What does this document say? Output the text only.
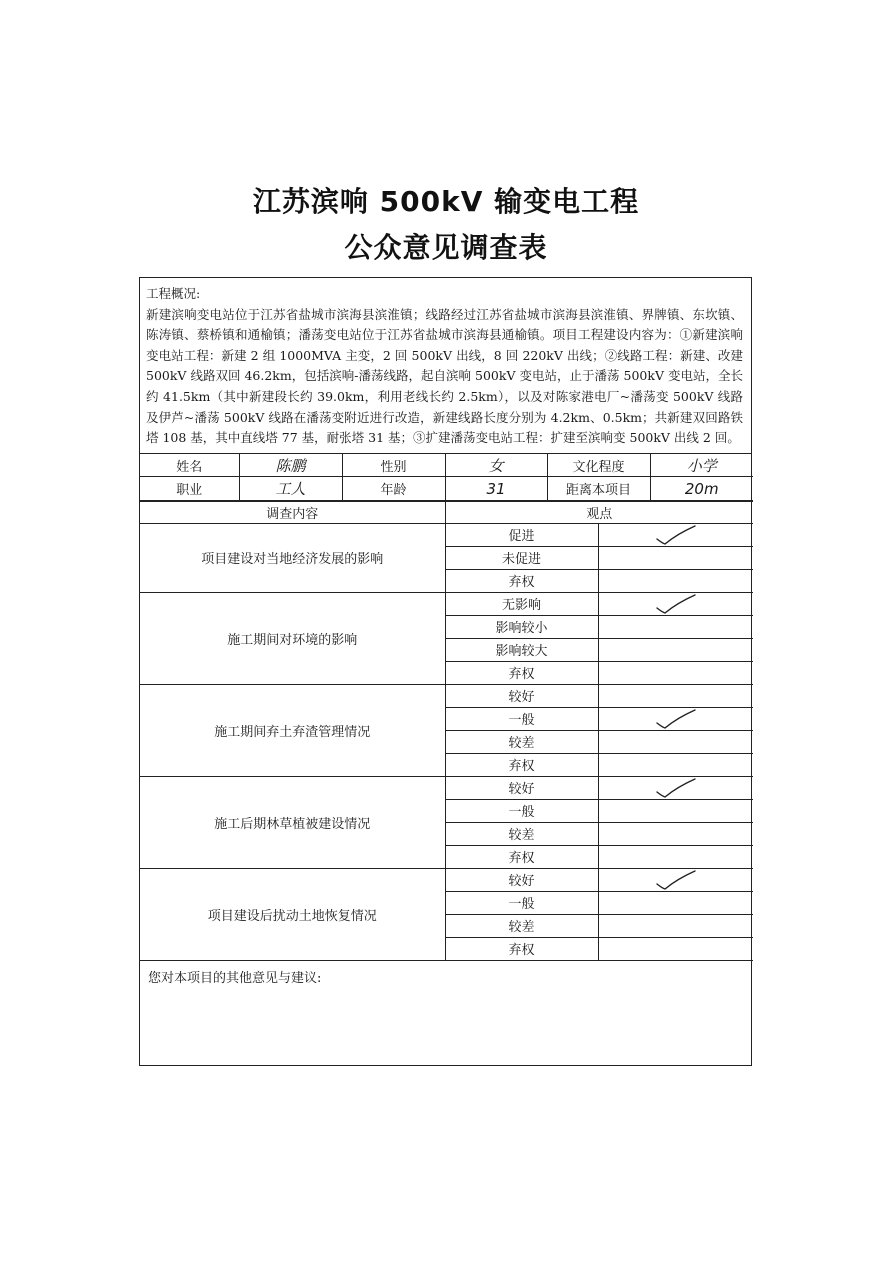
江苏滨响 500kV 输变电工程
公众意见调查表
工程概况:
新建滨响变电站位于江苏省盐城市滨海县滨淮镇；线路经过江苏省盐城市滨海县滨淮镇、界牌镇、东坎镇、陈涛镇、蔡桥镇和通榆镇；潘荡变电站位于江苏省盐城市滨海县通榆镇。项目工程建设内容为：①新建滨响变电站工程：新建 2 组 1000MVA 主变，2 回 500kV 出线，8 回 220kV 出线；②线路工程：新建、改建 500kV 线路双回 46.2km，包括滨响-潘荡线路，起自滨响 500kV 变电站，止于潘荡 500kV 变电站，全长约 41.5km（其中新建段长约 39.0km，利用老线长约 2.5km），以及对陈家港电厂~潘荡变 500kV 线路及伊芦~潘荡 500kV 线路在潘荡变附近进行改造，新建线路长度分别为 4.2km、0.5km；共新建双回路铁塔 108 基，其中直线塔 77 基，耐张塔 31 基；③扩建潘荡变电站工程：扩建至滨响变 500kV 出线 2 回。
姓名	陈鹏	性别	女	文化程度	小学
职业	工人	年龄	31	距离本项目	20m
调查内容	观点	
项目建设对当地经济发展的影响	促进	

	未促进	
	弃权	
施工期间对环境的影响	无影响	

	影响较小	
	影响较大	
	弃权	
施工期间弃土弃渣管理情况	较好	
	一般	

	较差	
	弃权	
施工后期林草植被建设情况	较好	

	一般	
	较差	
	弃权	
项目建设后扰动土地恢复情况	较好	

	一般	
	较差	
	弃权	
您对本项目的其他意见与建议:
